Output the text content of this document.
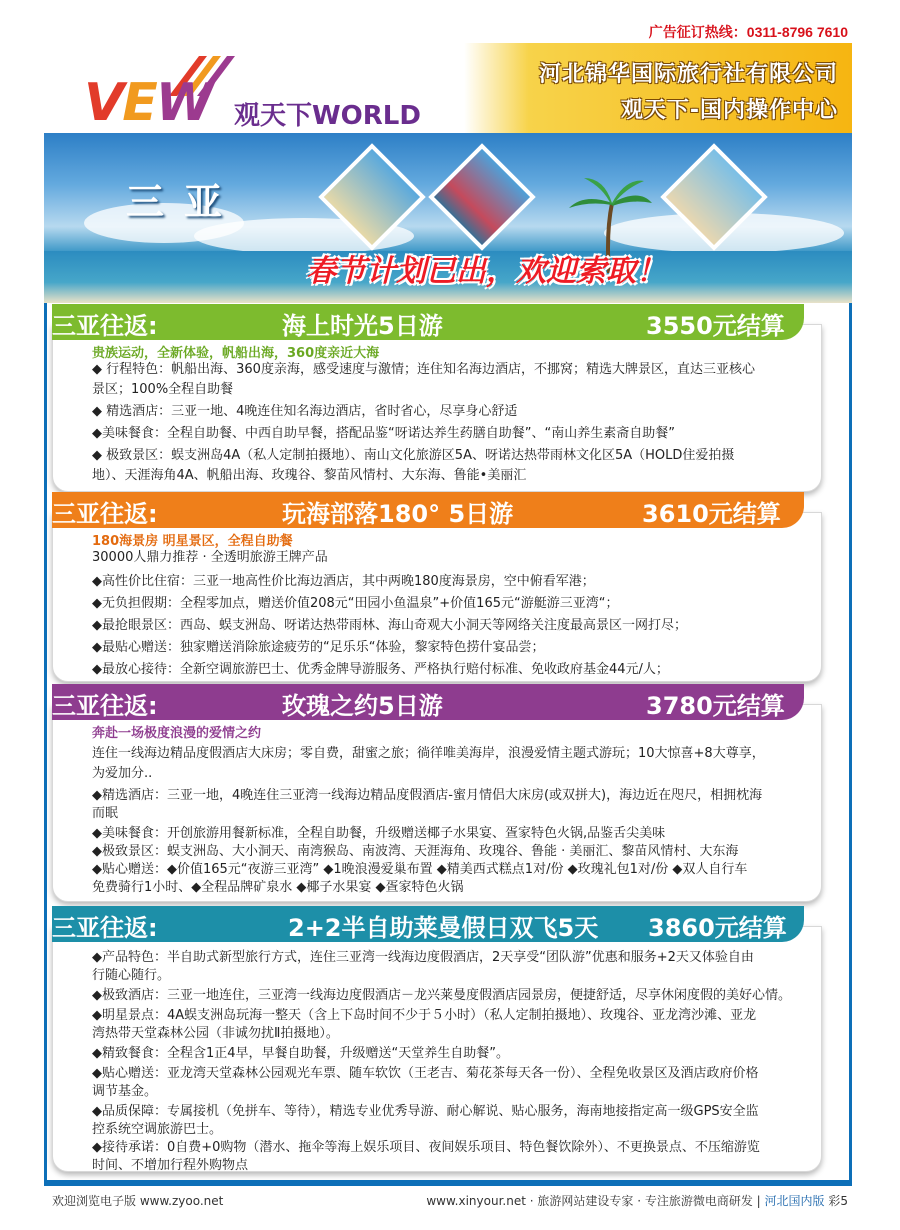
广告征订热线：0311-8796 7610
VEW 观天下WORLD
河北锦华国际旅行社有限公司
观天下-国内操作中心
三亚
春节计划已出，欢迎索取！
三亚往返:	海上时光5日游	3550元结算
贵族运动，全新体验，帆船出海，360度亲近大海
◆ 行程特色：帆船出海、360度亲海，感受速度与激情；连住知名海边酒店，不挪窝；精选大牌景区，直达三亚核心
景区；100%全程自助餐
◆ 精选酒店：三亚一地、4晚连住知名海边酒店，省时省心，尽享身心舒适
◆美味餐食：全程自助餐、中西自助早餐，搭配品鉴“呀诺达养生药膳自助餐”、“南山养生素斋自助餐”
◆ 极致景区：蜈支洲岛4A（私人定制拍摄地）、南山文化旅游区5A、呀诺达热带雨林文化区5A（HOLD住爱拍摄
地）、天涯海角4A、帆船出海、玫瑰谷、黎苗风情村、大东海、鲁能•美丽汇
三亚往返:	玩海部落180° 5日游	3610元结算
180海景房 明星景区，全程自助餐
30000人鼎力推荐 · 全透明旅游王牌产品
◆高性价比住宿：三亚一地高性价比海边酒店，其中两晚180度海景房，空中俯看军港；
◆无负担假期：全程零加点，赠送价值208元“田园小鱼温泉”+价值165元“游艇游三亚湾“；
◆最抢眼景区：西岛、蜈支洲岛、呀诺达热带雨林、海山奇观大小洞天等网络关注度最高景区一网打尽；
◆最贴心赠送：独家赠送消除旅途疲劳的“足乐乐“体验，黎家特色捞什宴品尝；
◆最放心接待：全新空调旅游巴士、优秀金牌导游服务、严格执行赔付标准、免收政府基金44元/人；
三亚往返:	玫瑰之约5日游	3780元结算
奔赴一场极度浪漫的爱情之约
连住一线海边精品度假酒店大床房；零自费，甜蜜之旅；徜徉唯美海岸，浪漫爱情主题式游玩；10大惊喜+8大尊享，
为爱加分..
◆精选酒店：三亚一地，4晚连住三亚湾一线海边精品度假酒店-蜜月情侣大床房(或双拼大)，海边近在咫尺，相拥枕海
而眠
◆美味餐食：开创旅游用餐新标准，全程自助餐，升级赠送椰子水果宴、疍家特色火锅,品鉴舌尖美味
◆极致景区：蜈支洲岛、大小洞天、南湾猴岛、南波湾、天涯海角、玫瑰谷、鲁能 · 美丽汇、黎苗风情村、大东海
◆贴心赠送：◆价值165元“夜游三亚湾” ◆1晚浪漫爱巢布置 ◆精美西式糕点1对/份 ◆玫瑰礼包1对/份 ◆双人自行车
免费骑行1小时、◆全程品牌矿泉水 ◆椰子水果宴 ◆疍家特色火锅
三亚往返:	2+2半自助莱曼假日双飞5天 3860元结算
◆产品特色：半自助式新型旅行方式，连住三亚湾一线海边度假酒店，2天享受“团队游”优惠和服务+2天又体验自由
行随心随行。
◆极致酒店：三亚一地连住，三亚湾一线海边度假酒店－龙兴莱曼度假酒店园景房，便捷舒适，尽享休闲度假的美好心情。
◆明星景点：4A蜈支洲岛玩海一整天（含上下岛时间不少于５小时）（私人定制拍摄地）、玫瑰谷、亚龙湾沙滩、亚龙
湾热带天堂森林公园（非诚勿扰Ⅱ拍摄地）。
◆精致餐食：全程含1正4早，早餐自助餐，升级赠送“天堂养生自助餐”。
◆贴心赠送：亚龙湾天堂森林公园观光车票、随车软饮（王老吉、菊花茶每天各一份）、全程免收景区及酒店政府价格
调节基金。
◆品质保障：专属接机（免拼车、等待），精选专业优秀导游、耐心解说、贴心服务，海南地接指定高一级GPS安全监
控系统空调旅游巴士。
◆接待承诺：0自费+0购物（潜水、拖伞等海上娱乐项目、夜间娱乐项目、特色餐饮除外）、不更换景点、不压缩游览
时间、不增加行程外购物点
欢迎浏览电子版 www.zyoo.net	www.xinyour.net · 旅游网站建设专家 · 专注旅游微电商研发 | 河北国内版 彩5
